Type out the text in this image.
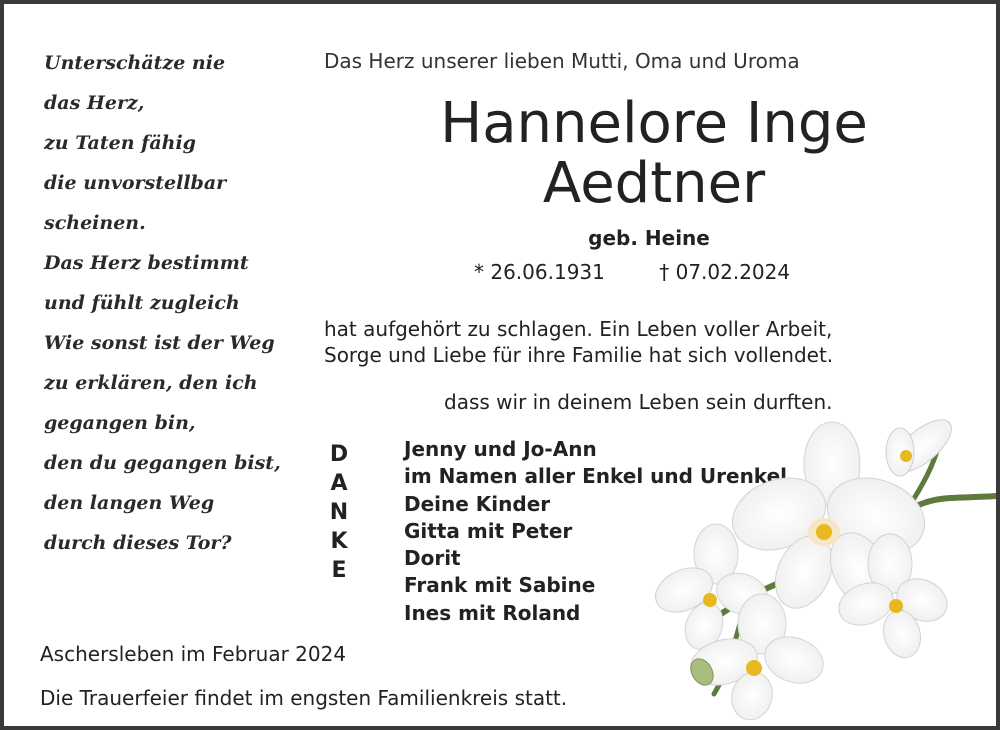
Unterschätze nie
das Herz,
zu Taten fähig
die unvorstellbar
scheinen.
Das Herz bestimmt
und fühlt zugleich
Wie sonst ist der Weg
zu erklären, den ich
gegangen bin,
den du gegangen bist,
den langen Weg
durch dieses Tor?
Das Herz unserer lieben Mutti, Oma und Uroma
Hannelore Inge
Aedtner
geb. Heine
* 26.06.1931	† 07.02.2024
hat aufgehört zu schlagen. Ein Leben voller Arbeit,
Sorge und Liebe für ihre Familie hat sich vollendet.
dass wir in deinem Leben sein durften.
D
A
N
K
E
Jenny und Jo-Ann
im Namen aller Enkel und Urenkel
Deine Kinder
Gitta mit Peter
Dorit
Frank mit Sabine
Ines mit Roland
Aschersleben im Februar 2024
Die Trauerfeier findet im engsten Familienkreis statt.
